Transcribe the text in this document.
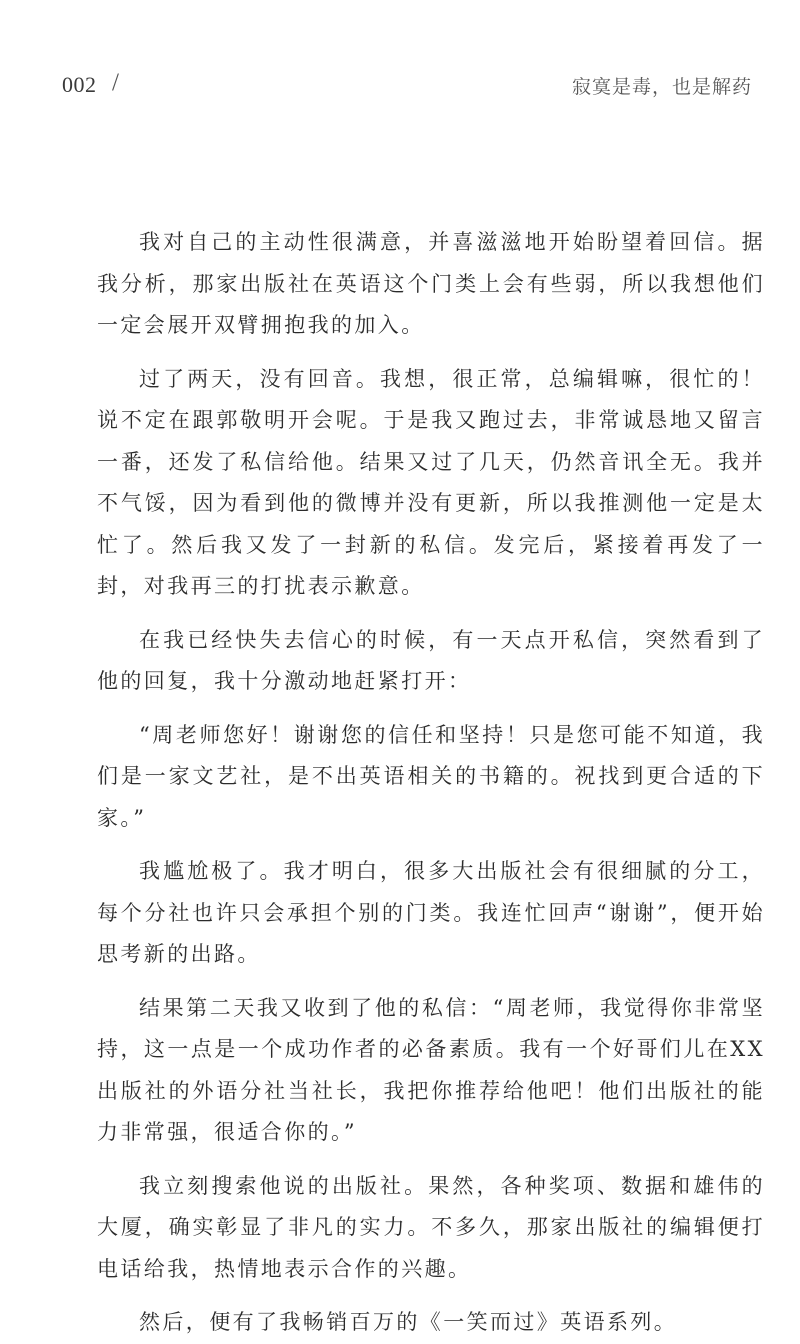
002 /	寂寞是毒，也是解药

我对自己的主动性很满意，并喜滋滋地开始盼望着回信。据我分析，那家出版社在英语这个门类上会有些弱，所以我想他们一定会展开双臂拥抱我的加入。

过了两天，没有回音。我想，很正常，总编辑嘛，很忙的！说不定在跟郭敬明开会呢。于是我又跑过去，非常诚恳地又留言一番，还发了私信给他。结果又过了几天，仍然音讯全无。我并不气馁，因为看到他的微博并没有更新，所以我推测他一定是太忙了。然后我又发了一封新的私信。发完后，紧接着再发了一封，对我再三的打扰表示歉意。

在我已经快失去信心的时候，有一天点开私信，突然看到了他的回复，我十分激动地赶紧打开：

“周老师您好！谢谢您的信任和坚持！只是您可能不知道，我们是一家文艺社，是不出英语相关的书籍的。祝找到更合适的下家。”

我尴尬极了。我才明白，很多大出版社会有很细腻的分工，每个分社也许只会承担个别的门类。我连忙回声“谢谢”，便开始思考新的出路。

结果第二天我又收到了他的私信：“周老师，我觉得你非常坚持，这一点是一个成功作者的必备素质。我有一个好哥们儿在XX出版社的外语分社当社长，我把你推荐给他吧！他们出版社的能力非常强，很适合你的。”

我立刻搜索他说的出版社。果然，各种奖项、数据和雄伟的大厦，确实彰显了非凡的实力。不多久，那家出版社的编辑便打电话给我，热情地表示合作的兴趣。

然后，便有了我畅销百万的《一笑而过》英语系列。
